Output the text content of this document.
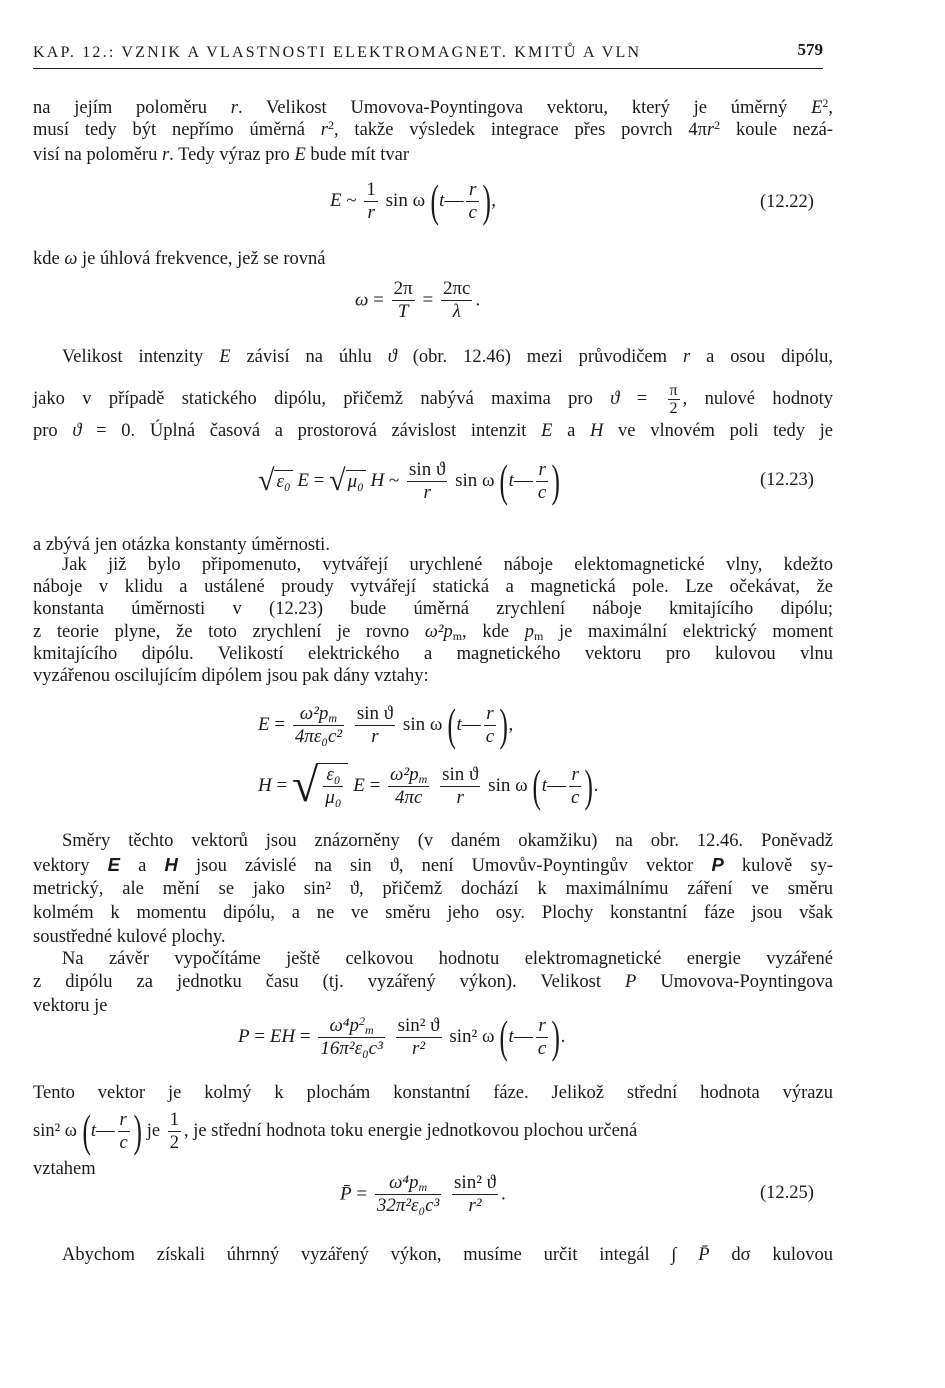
KAP. 12.: VZNIK A VLASTNOSTI ELEKTROMAGNET. KMITŮ A VLN	579
na jejím poloměru r. Velikost Umovova-Poyntingova vektoru, který je úměrný $E^2$,
musí tedy být nepřímo úměrná $r^2$, takže výsledek integrace přes povrch $4\pi r^2$ koule nezá-
visí na poloměru r. Tedy výraz pro E bude mít tvar
E ~ $\frac{1}{r}$ sin ω (t— $\frac{r}{c}$ ),	(12.22)
kde ω je úhlová frekvence, jež se rovná
$\omega = \frac{2\pi}{T} = \frac{2\pi c}{\lambda}$ .
Velikost intenzity E závisí na úhlu ϑ (obr. 12.46) mezi průvodičem r a osou dipólu,
jako v případě statického dipólu, přičemž nabývá maxima pro $ϑ = \frac{\pi}{2}$ , nulové hodnoty
pro ϑ = 0. Úplná časová a prostorová závislost intenzit E a H ve vlnovém poli tedy je
√ ε₀ E = √ μ₀ H ~ $\frac{\text{sin ϑ}}{r}$ sin ω (t— $\frac{r}{c}$ )	(12.23)
a zbývá jen otázka konstanty úměrnosti.
Jak již bylo připomenuto, vytvářejí urychlené náboje elektomagnetické vlny, kdežto
náboje v klidu a ustálené proudy vytvářejí statická a magnetická pole. Lze očekávat, že
konstanta úměrnosti v (12.23) bude úměrná zrychlení náboje kmitajícího dipólu;
z teorie plyne, že toto zrychlení je rovno $\omega^2p_m$, kde $p_m$ je maximální elektrický moment
kmitajícího dipólu. Velikostí elektrického a magnetického vektoru pro kulovou vlnu
vyzářenou oscilujícím dipólem jsou pak dány vztahy:
$E = \frac{\omega^2p_m}{\text{4πε₀c²}}$
$\frac{\text{sin ϑ}}{r}$ sin ω (t— $\frac{r}{c}$ ),
H = √ $\frac{\text{ε₀}}{\text{μ₀}}$ $E = \frac{\omega^2p_m}{4\pi c}$
$\frac{\text{sin ϑ}}{r}$ sin ω (t— $\frac{r}{c}$ ).
Směry těchto vektorů jsou znázorněny (v daném okamžiku) na obr. 12.46. Poněvadž
vektory E a H jsou závislé na sin ϑ, není Umovův-Poyntingův vektor P kulově sy-
metrický, ale mění se jako sin² ϑ, přičemž dochází k maximálnímu záření ve směru
kolmém k momentu dipólu, a ne ve směru jeho osy. Plochy konstantní fáze jsou však
soustředné kulové plochy.
Na závěr vypočítáme ještě celkovou hodnotu elektromagnetické energie vyzářené
z dipólu za jednotku času (tj. vyzářený výkon). Velikost P Umovova-Poyntingova
vektoru je
P = EH = $\frac{\omega^4p^2_m}{\text{16π²ε₀c³}}$
$\frac{\text{sin² ϑ}}{\text{r²}} \sin^2$ ω (t— $\frac{r}{c}$ ).
Tento vektor je kolmý k plochám konstantní fáze. Jelikož střední hodnota výrazu
sin² ω (t— $\frac{r}{c}$ ) je $\frac{1}{2}$ , je střední hodnota toku energie jednotkovou plochou určená
vztahem
P̄ = $\frac{\omega^4p_m}{\text{32π²ε₀c³}}$
$\frac{\text{sin² ϑ}}{\text{r²}}$ .	(12.25)
Abychom získali úhrnný vyzářený výkon, musíme určit integál ∫ P̄ dσ kulovou
